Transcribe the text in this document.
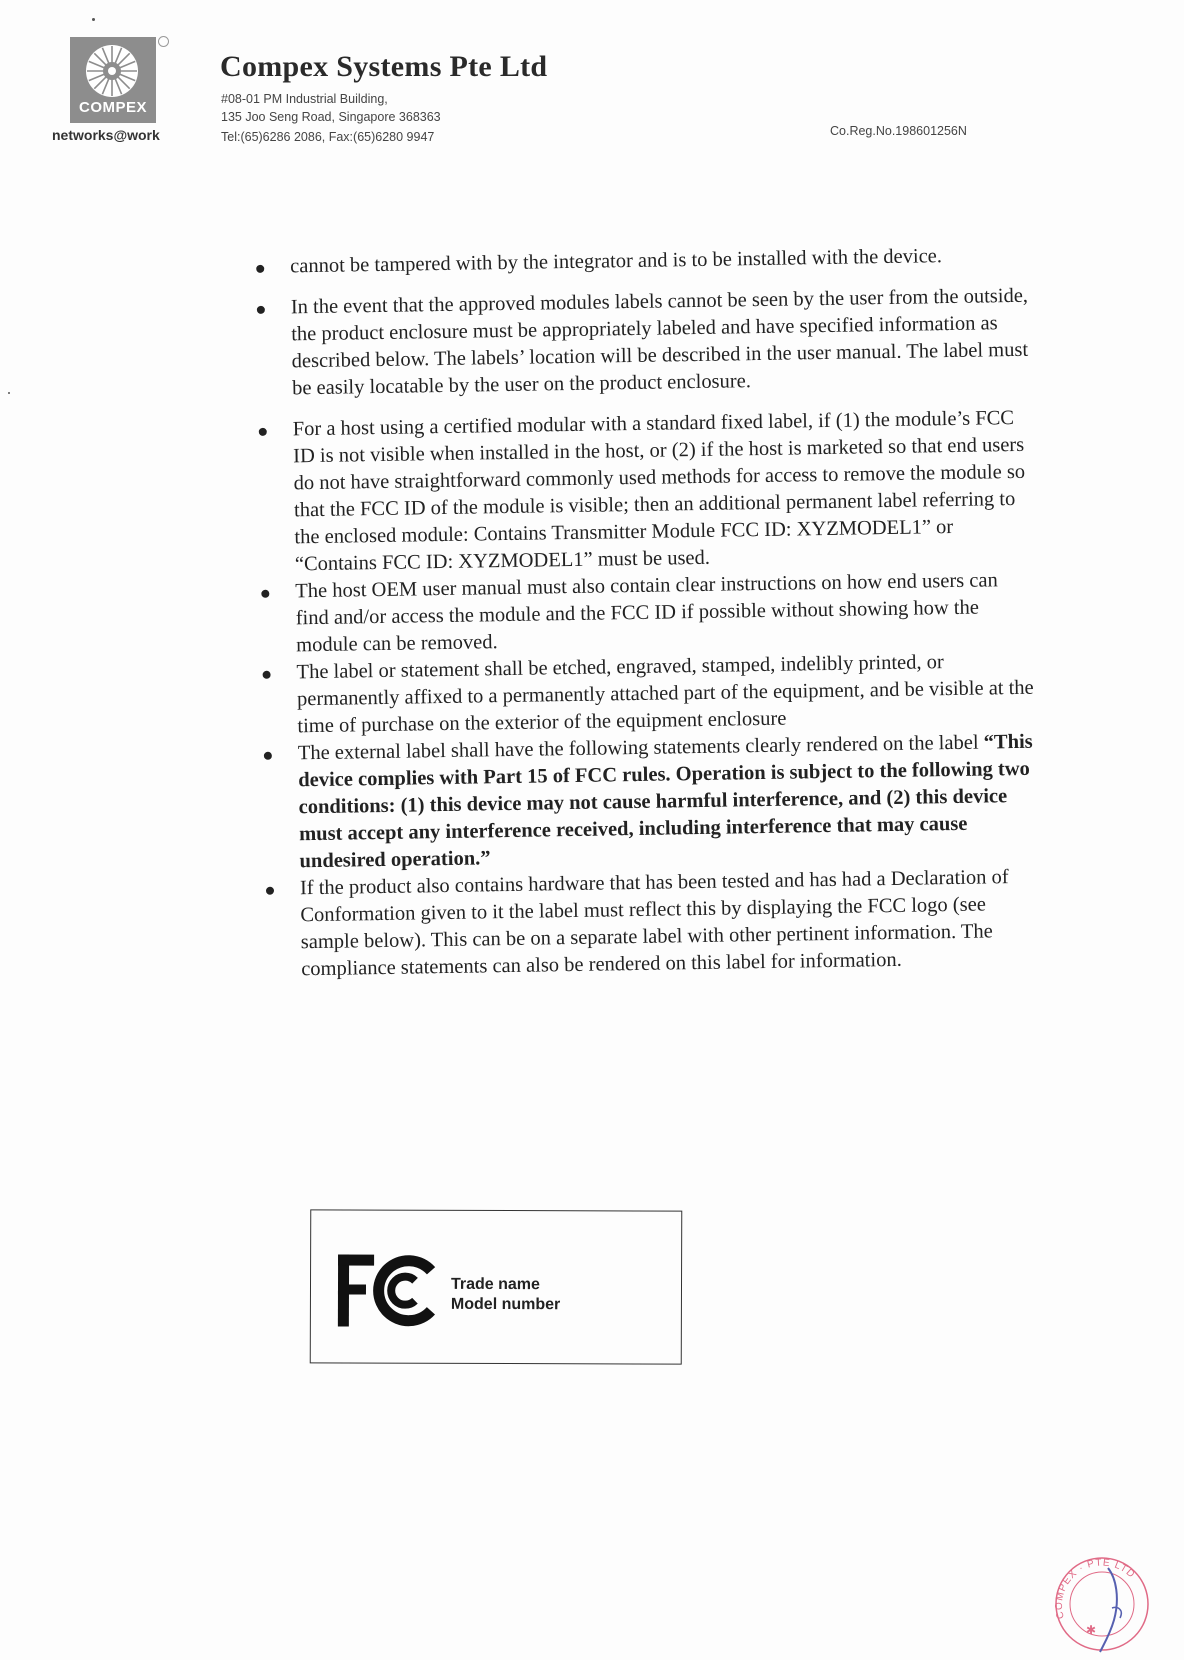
COMPEX
networks@work
Compex Systems Pte Ltd
#08-01 PM Industrial Building,
135 Joo Seng Road, Singapore 368363
Tel:(65)6286 2086, Fax:(65)6280 9947	Co.Reg.No.198601256N
cannot be tampered with by the integrator and is to be installed with the device.
In the event that the approved modules labels cannot be seen by the user from the outside, the product enclosure must be appropriately labeled and have specified information as described below. The labels’ location will be described in the user manual. The label must be easily locatable by the user on the product enclosure.
For a host using a certified modular with a standard fixed label, if (1) the module’s FCC ID is not visible when installed in the host, or (2) if the host is marketed so that end users do not have straightforward commonly used methods for access to remove the module so that the FCC ID of the module is visible; then an additional permanent label referring to the enclosed module: Contains Transmitter Module FCC ID: XYZMODEL1” or “Contains FCC ID: XYZMODEL1” must be used.
The host OEM user manual must also contain clear instructions on how end users can find and/or access the module and the FCC ID if possible without showing how the module can be removed.
The label or statement shall be etched, engraved, stamped, indelibly printed, or permanently affixed to a permanently attached part of the equipment, and be visible at the time of purchase on the exterior of the equipment enclosure
The external label shall have the following statements clearly rendered on the label “This device complies with Part 15 of FCC rules. Operation is subject to the following two conditions: (1) this device may not cause harmful interference, and (2) this device must accept any interference received, including interference that may cause undesired operation.”
If the product also contains hardware that has been tested and has had a Declaration of Conformation given to it the label must reflect this by displaying the FCC logo (see sample below). This can be on a separate label with other pertinent information. The compliance statements can also be rendered on this label for information.
Trade name
Model number
COMPEX · PTE LTD
✱
